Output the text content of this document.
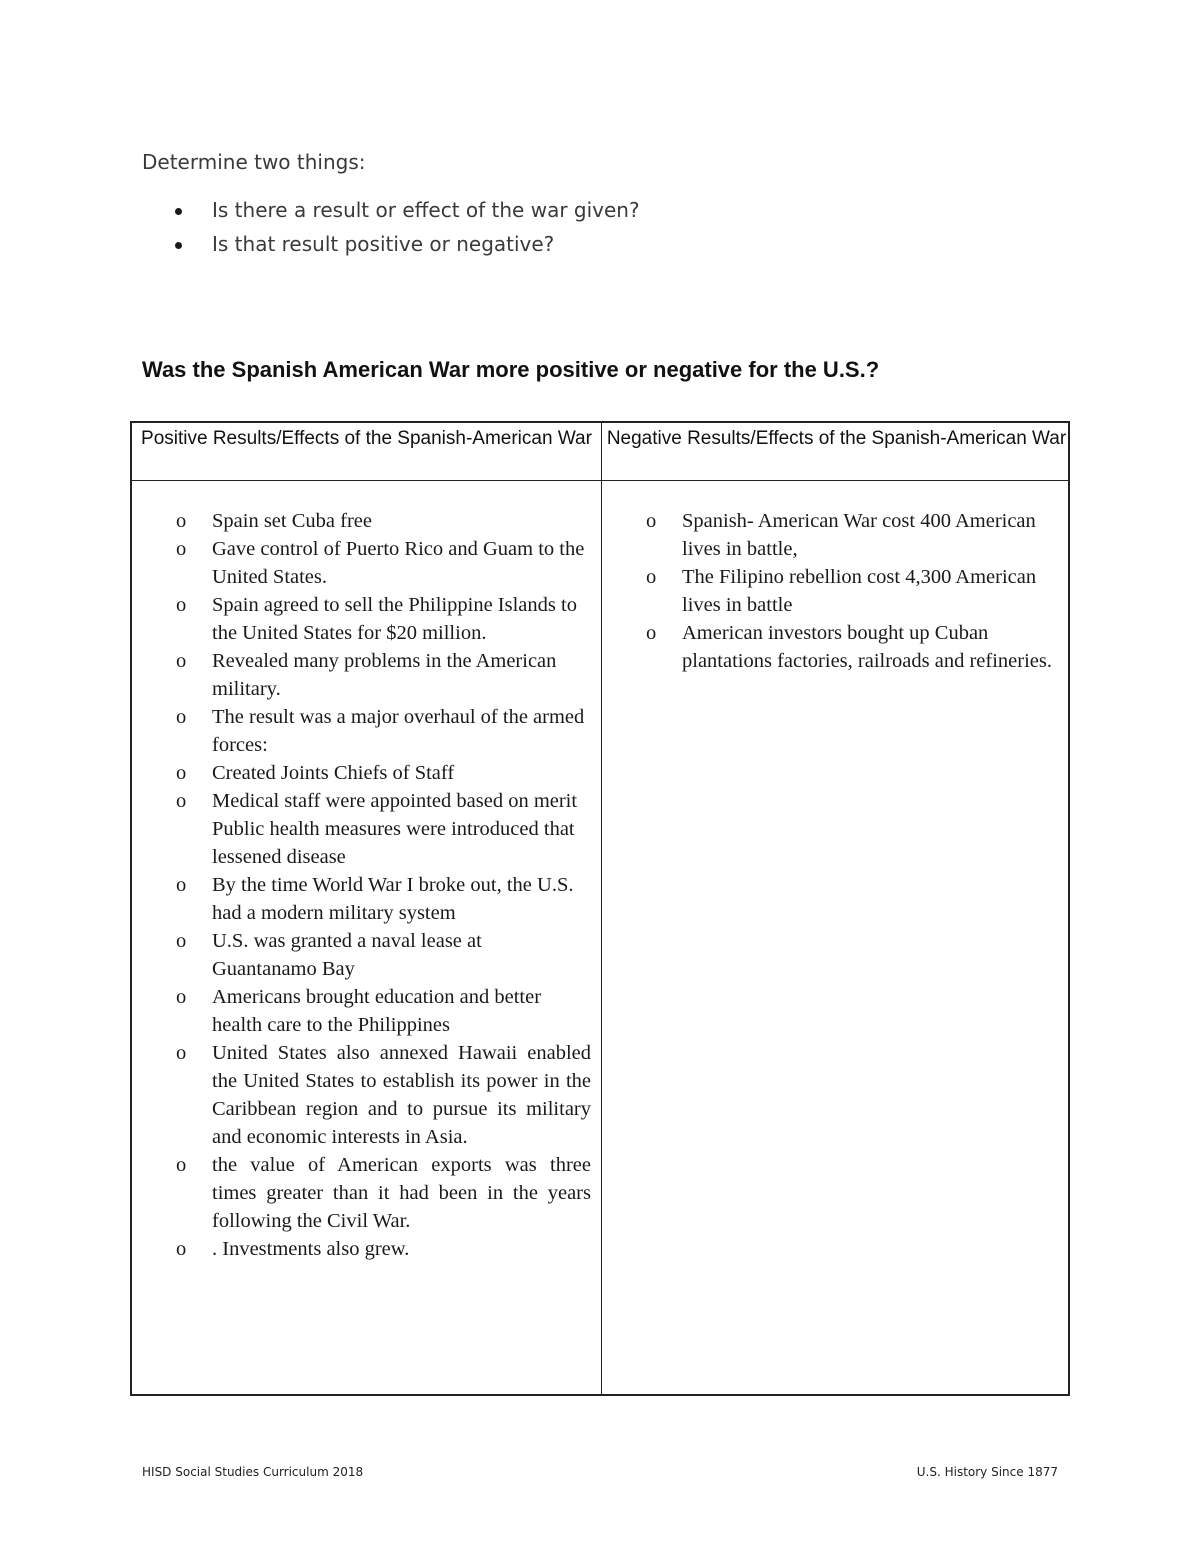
Determine two things:

Is there a result or effect of the war given?
Is that result positive or negative?
Was the Spanish American War more positive or negative for the U.S.?
Positive Results/Effects of the Spanish-American War Negative Results/Effects of the Spanish-American War
o Spain set Cuba free
o Gave control of Puerto Rico and Guam to the United States.
o Spain agreed to sell the Philippine Islands to the United States for $20 million.
o Revealed many problems in the American military.
o The result was a major overhaul of the armed forces:
o Created Joints Chiefs of Staff
o Medical staff were appointed based on merit Public health measures were introduced that lessened disease
o By the time World War I broke out, the U.S. had a modern military system
o U.S. was granted a naval lease at Guantanamo Bay
o Americans brought education and better health care to the Philippines
o United States also annexed Hawaii enabled the United States to establish its power in the Caribbean region and to pursue its military and economic interests in Asia.
o the value of American exports was three times greater than it had been in the years following the Civil War.
o . Investments also grew.
o Spanish- American War cost 400 American lives in battle,
o The Filipino rebellion cost 4,300 American lives in battle
o American investors bought up Cuban plantations factories, railroads and refineries.
HISD Social Studies Curriculum 2018	U.S. History Since 1877
